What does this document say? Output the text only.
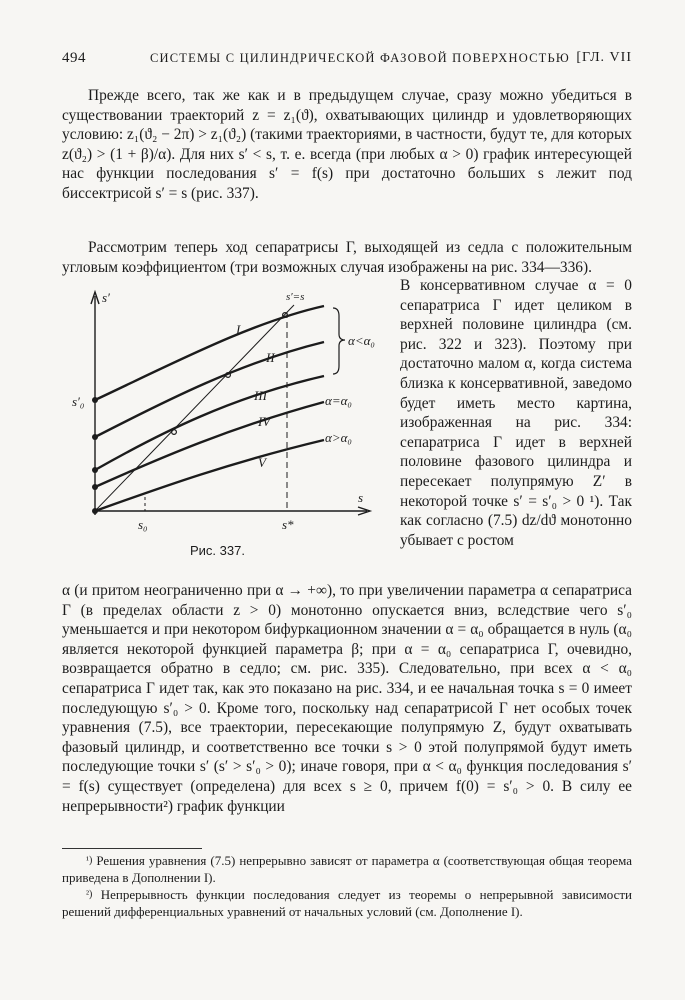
494	СИСТЕМЫ С ЦИЛИНДРИЧЕСКОЙ ФАЗОВОЙ ПОВЕРХНОСТЬЮ [ГЛ. VII

Прежде всего, так же как и в предыдущем случае, сразу можно убедиться в существовании траекторий z = z₁(ϑ), охватывающих цилиндр и удовлетворяющих условию: z₁(ϑ₂ − 2π) > z₁(ϑ₂) (такими траекториями, в частности, будут те, для которых z(ϑ₂) > (1 + β)/α). Для них s′ < s, т. е. всегда (при любых α > 0) график интересующей нас функции последования s′ = f(s) при достаточно больших s лежит под биссектрисой s′ = s (рис. 337).

Рассмотрим теперь ход сепаратрисы Γ, выходящей из седла с положительным угловым коэффициентом (три возможных случая изображены на рис. 334—336).

В консервативном случае α = 0 сепаратриса Γ идет целиком в верхней половине цилиндра (см. рис. 322 и 323). Поэтому при достаточно малом α, когда система близка к консервативной, заведомо будет иметь место картина, изображенная на рис. 334: сепаратриса Γ идет в верхней половине фазового цилиндра и пересекает полупрямую Z′ в некоторой точке s′ = s′₀ > 0 ¹). Так как согласно (7.5) dz/dϑ монотонно убывает с ростом

s′
s
s′=s
s′₀
s₀	s*
I
II
III
IV
V
α<α₀
α=α₀
α>α₀
Рис. 337.

α (и притом неограниченно при α → +∞), то при увеличении параметра α сепаратриса Γ (в пределах области z > 0) монотонно опускается вниз, вследствие чего s′₀ уменьшается и при некотором бифуркационном значении α = α₀ обращается в нуль (α₀ является некоторой функцией параметра β; при α = α₀ сепаратриса Γ, очевидно, возвращается обратно в седло; см. рис. 335). Следовательно, при всех α < α₀ сепаратриса Γ идет так, как это показано на рис. 334, и ее начальная точка s = 0 имеет последующую s′₀ > 0. Кроме того, поскольку над сепаратрисой Γ нет особых точек уравнения (7.5), все траектории, пересекающие полупрямую Z, будут охватывать фазовый цилиндр, и соответственно все точки s > 0 этой полупрямой будут иметь последующие точки s′ (s′ > s′₀ > 0); иначе говоря, при α < α₀ функция последования s′ = f(s) существует (определена) для всех s ≥ 0, причем f(0) = s′₀ > 0. В силу ее непрерывности²) график функции

$^{^1)}$ Решения уравнения (7.5) непрерывно зависят от параметра α (соответствующая общая теорема приведена в Дополнении I).

$^{^2)}$ Непрерывность функции последования следует из теоремы о непрерывной зависимости решений дифференциальных уравнений от начальных условий (см. Дополнение I).
